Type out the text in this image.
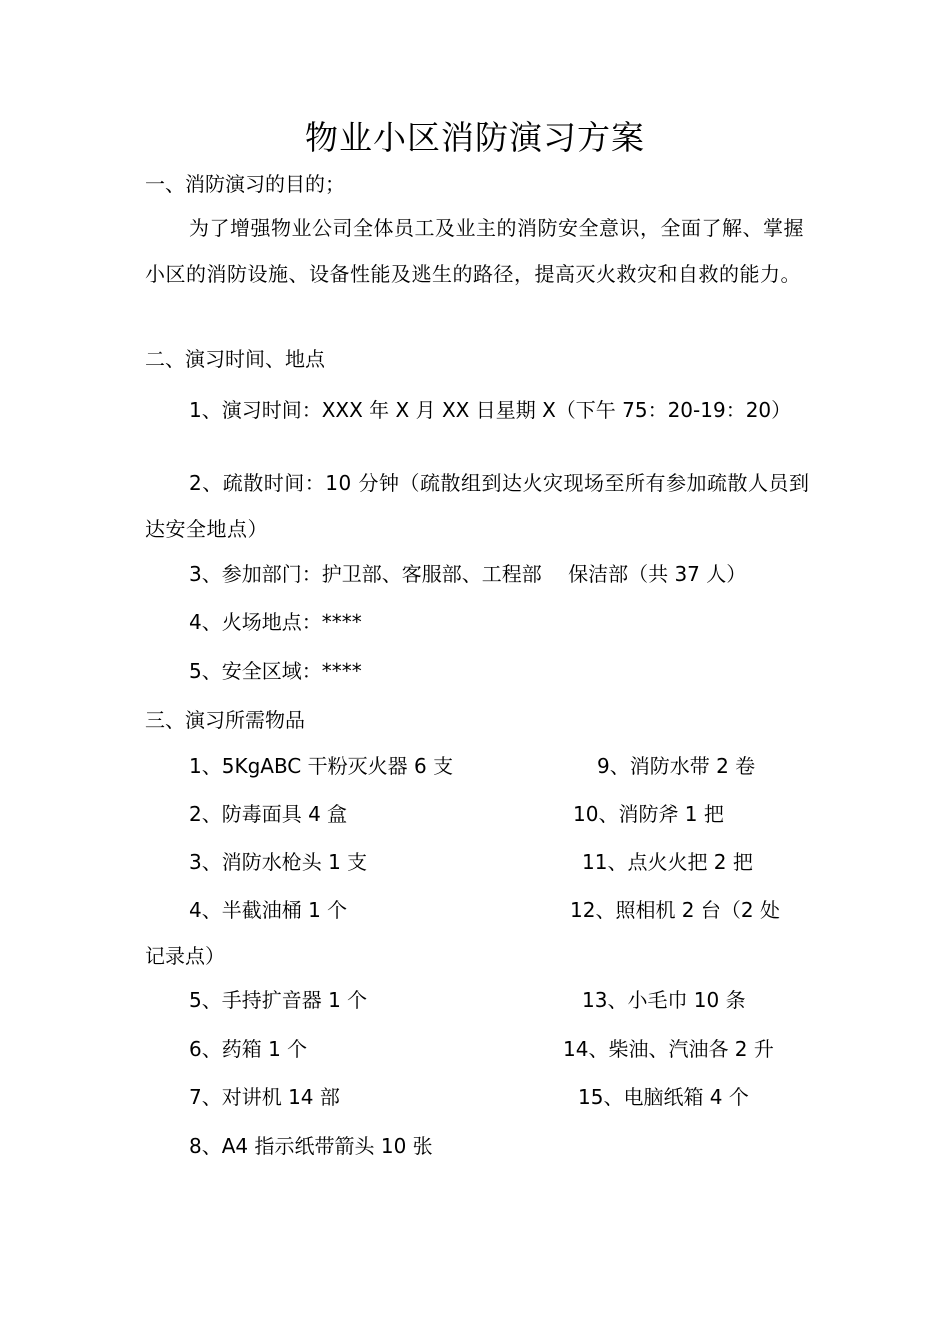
物业小区消防演习方案
一、消防演习的目的；
为了增强物业公司全体员工及业主的消防安全意识，全面了解、掌握小区的消防设施、设备性能及逃生的路径，提高灭火救灾和自救的能力。
二、演习时间、地点
1、演习时间：XXX 年 X 月 XX 日星期 X（下午 75：20-19：20）
2、疏散时间：10 分钟（疏散组到达火灾现场至所有参加疏散人员到达安全地点）
3、参加部门：护卫部、客服部、工程部　 保洁部（共 37 人）
4、火场地点：****
5、安全区域：****
三、演习所需物品
1、5KgABC 干粉灭火器 6 支	9、消防水带 2 卷
2、防毒面具 4 盒	10、消防斧 1 把
3、消防水枪头 1 支	11、点火火把 2 把
4、半截油桶 1 个	12、照相机 2 台（2 处
记录点）
5、手持扩音器 1 个	13、小毛巾 10 条
6、药箱 1 个	14、柴油、汽油各 2 升
7、对讲机 14 部	15、电脑纸箱 4 个
8、A4 指示纸带箭头 10 张
